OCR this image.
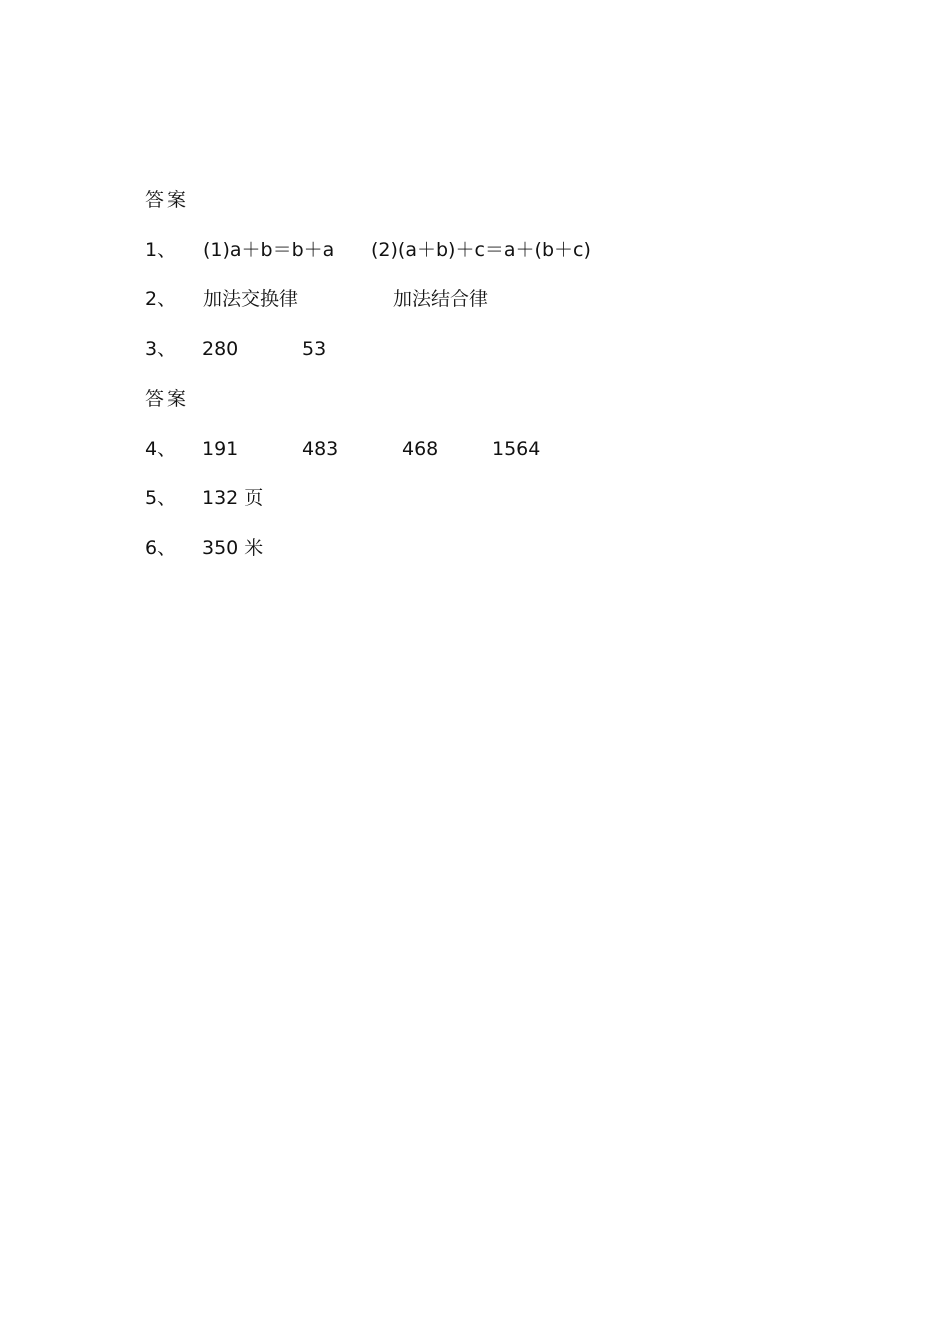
答案
1、 (1)a＋b＝b＋a (2)(a＋b)＋c＝a＋(b＋c)
2、 加法交换律	加法结合律
3、 280	53
答案
4、 191	483	468	1564
5、 132 页
6、 350 米
